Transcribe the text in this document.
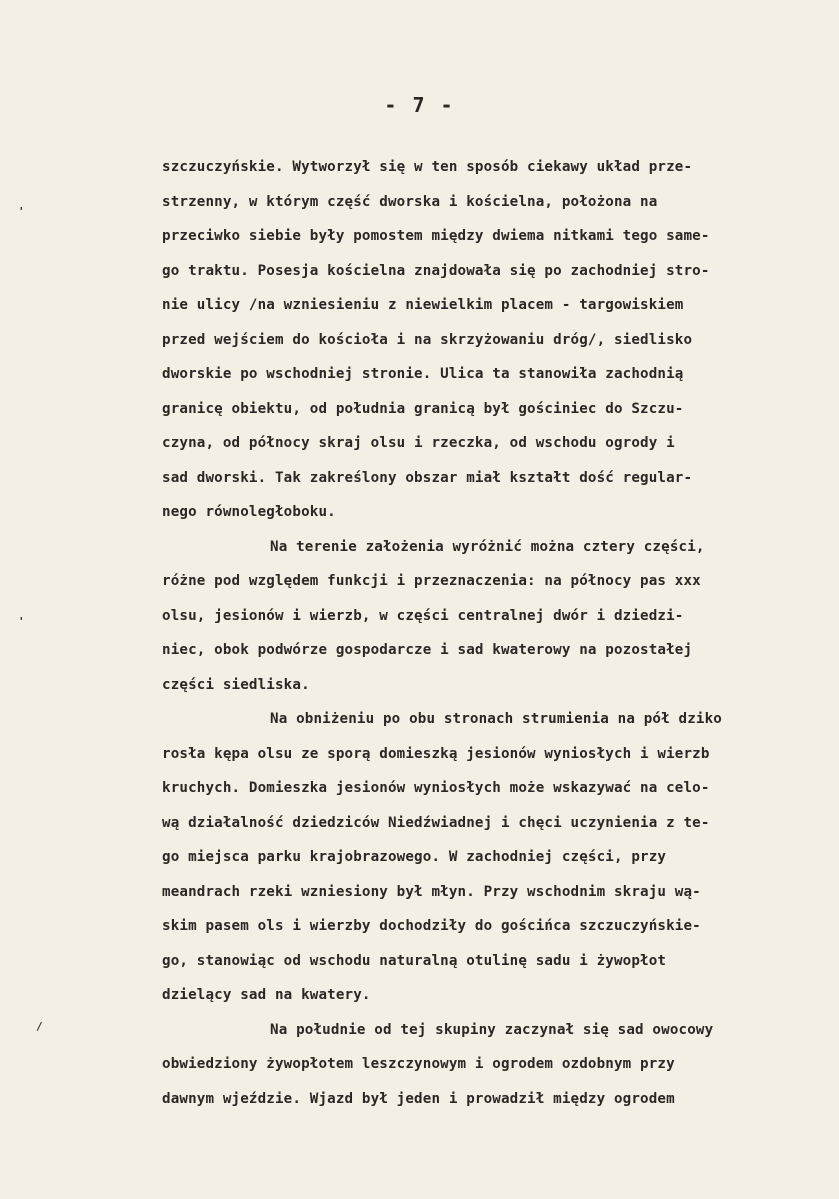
- 7 -
szczuczyńskie. Wytworzył się w ten sposób ciekawy układ prze-
strzenny, w którym część dworska i kościelna, położona na
przeciwko siebie były pomostem między dwiema nitkami tego same-
go traktu. Posesja kościelna znajdowała się po zachodniej stro-
nie ulicy /na wzniesieniu z niewielkim placem - targowiskiem
przed wejściem do kościoła i na skrzyżowaniu dróg/, siedlisko
dworskie po wschodniej stronie. Ulica ta stanowiła zachodnią
granicę obiektu, od południa granicą był gościniec do Szczu-
czyna, od północy skraj olsu i rzeczka, od wschodu ogrody i
sad dworski. Tak zakreślony obszar miał kształt dość regular-
nego równoległoboku.
Na terenie założenia wyróżnić można cztery części,
różne pod względem funkcji i przeznaczenia: na północy pas xxx
olsu, jesionów i wierzb, w części centralnej dwór i dziedzi-
niec, obok podwórze gospodarcze i sad kwaterowy na pozostałej
części siedliska.
Na obniżeniu po obu stronach strumienia na pół dziko
rosła kępa olsu ze sporą domieszką jesionów wyniosłych i wierzb
kruchych. Domieszka jesionów wyniosłych może wskazywać na celo-
wą działalność dziedziców Niedźwiadnej i chęci uczynienia z te-
go miejsca parku krajobrazowego. W zachodniej części, przy
meandrach rzeki wzniesiony był młyn. Przy wschodnim skraju wą-
skim pasem ols i wierzby dochodziły do gościńca szczuczyńskie-
go, stanowiąc od wschodu naturalną otulinę sadu i żywopłot
dzielący sad na kwatery.
Na południe od tej skupiny zaczynał się sad owocowy
obwiedziony żywopłotem leszczynowym i ogrodem ozdobnym przy
dawnym wjeździe. Wjazd był jeden i prowadził między ogrodem
'
'
/
